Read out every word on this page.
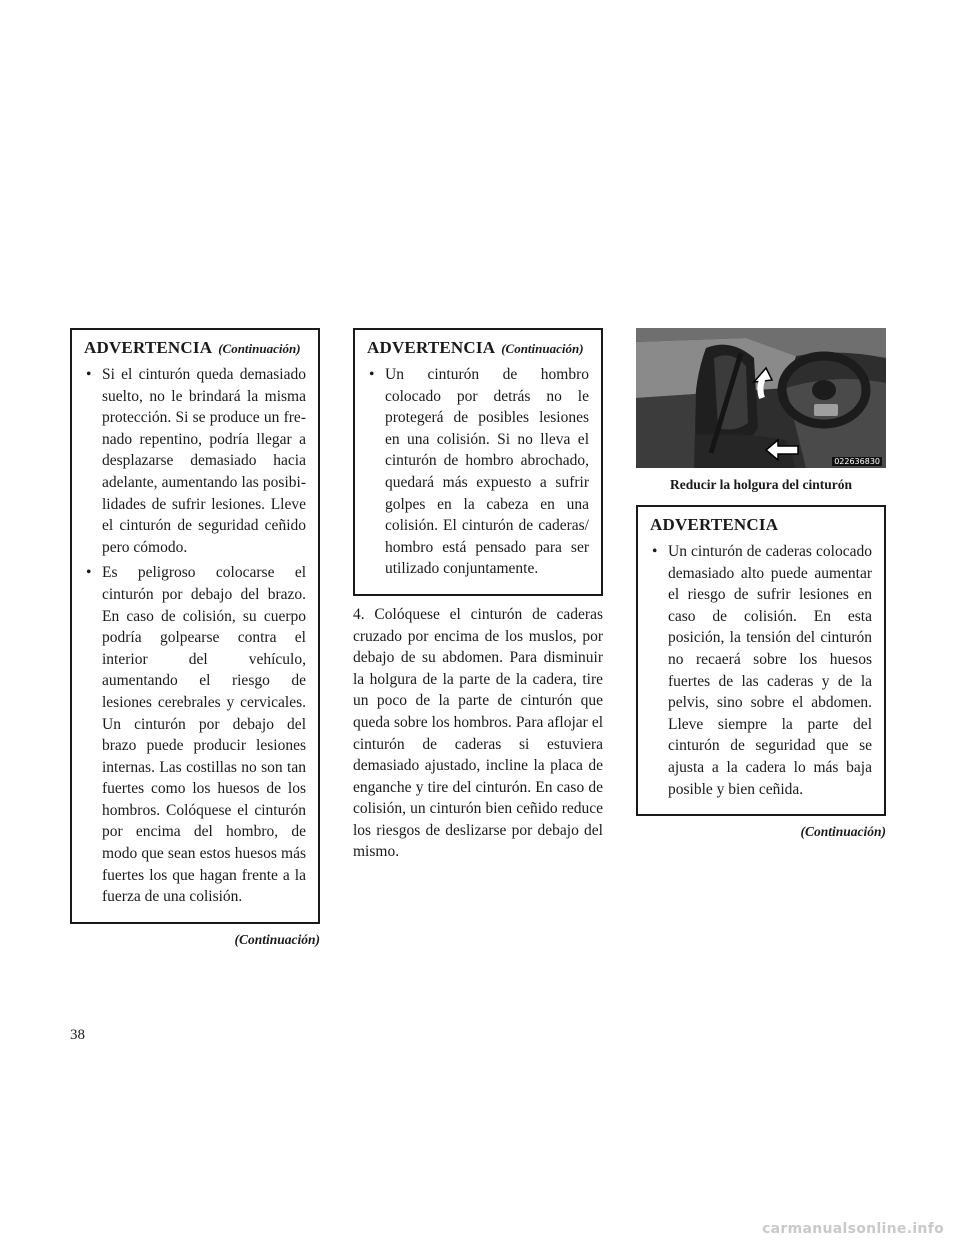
ADVERTENCIA (Continuación)
• Si el cinturón queda demasiado suelto, no le brindará la misma protección. Si se produce un frenado repentino, podría llegar a desplazarse demasiado hacia adelante, aumentando las posibilidades de sufrir lesiones. Lleve el cinturón de seguridad ceñido pero cómodo.
• Es peligroso colocarse el cinturón por debajo del brazo. En caso de colisión, su cuerpo podría golpearse contra el interior del vehículo, aumentando el riesgo de lesiones cerebrales y cervicales. Un cinturón por debajo del brazo puede producir lesiones internas. Las costillas no son tan fuertes como los huesos de los hombros. Colóquese el cinturón por encima del hombro, de modo que sean estos huesos más fuertes los que hagan frente a la fuerza de una colisión.
(Continuación)
ADVERTENCIA (Continuación)
• Un cinturón de hombro colocado por detrás no le protegerá de posibles lesiones en una colisión. Si no lleva el cinturón de hombro abrochado, quedará más expuesto a sufrir golpes en la cabeza en una colisión. El cinturón de caderas/ hombro está pensado para ser utilizado conjuntamente.

4. Colóquese el cinturón de caderas cruzado por encima de los muslos, por debajo de su abdomen. Para disminuir la holgura de la parte de la cadera, tire un poco de la parte de cinturón que queda sobre los hombros. Para aflojar el cinturón de caderas si estuviera demasiado ajustado, incline la placa de enganche y tire del cinturón. En caso de colisión, un cinturón bien ceñido reduce los riesgos de deslizarse por debajo del mismo.

022636830
Reducir la holgura del cinturón
ADVERTENCIA
• Un cinturón de caderas colocado demasiado alto puede aumentar el riesgo de sufrir lesiones en caso de colisión. En esta posición, la tensión del cinturón no recaerá sobre los huesos fuertes de las caderas y de la pelvis, sino sobre el abdomen. Lleve siempre la parte del cinturón de seguridad que se ajusta a la cadera lo más baja posible y bien ceñida.
(Continuación)
38
carmanualsonline.info
